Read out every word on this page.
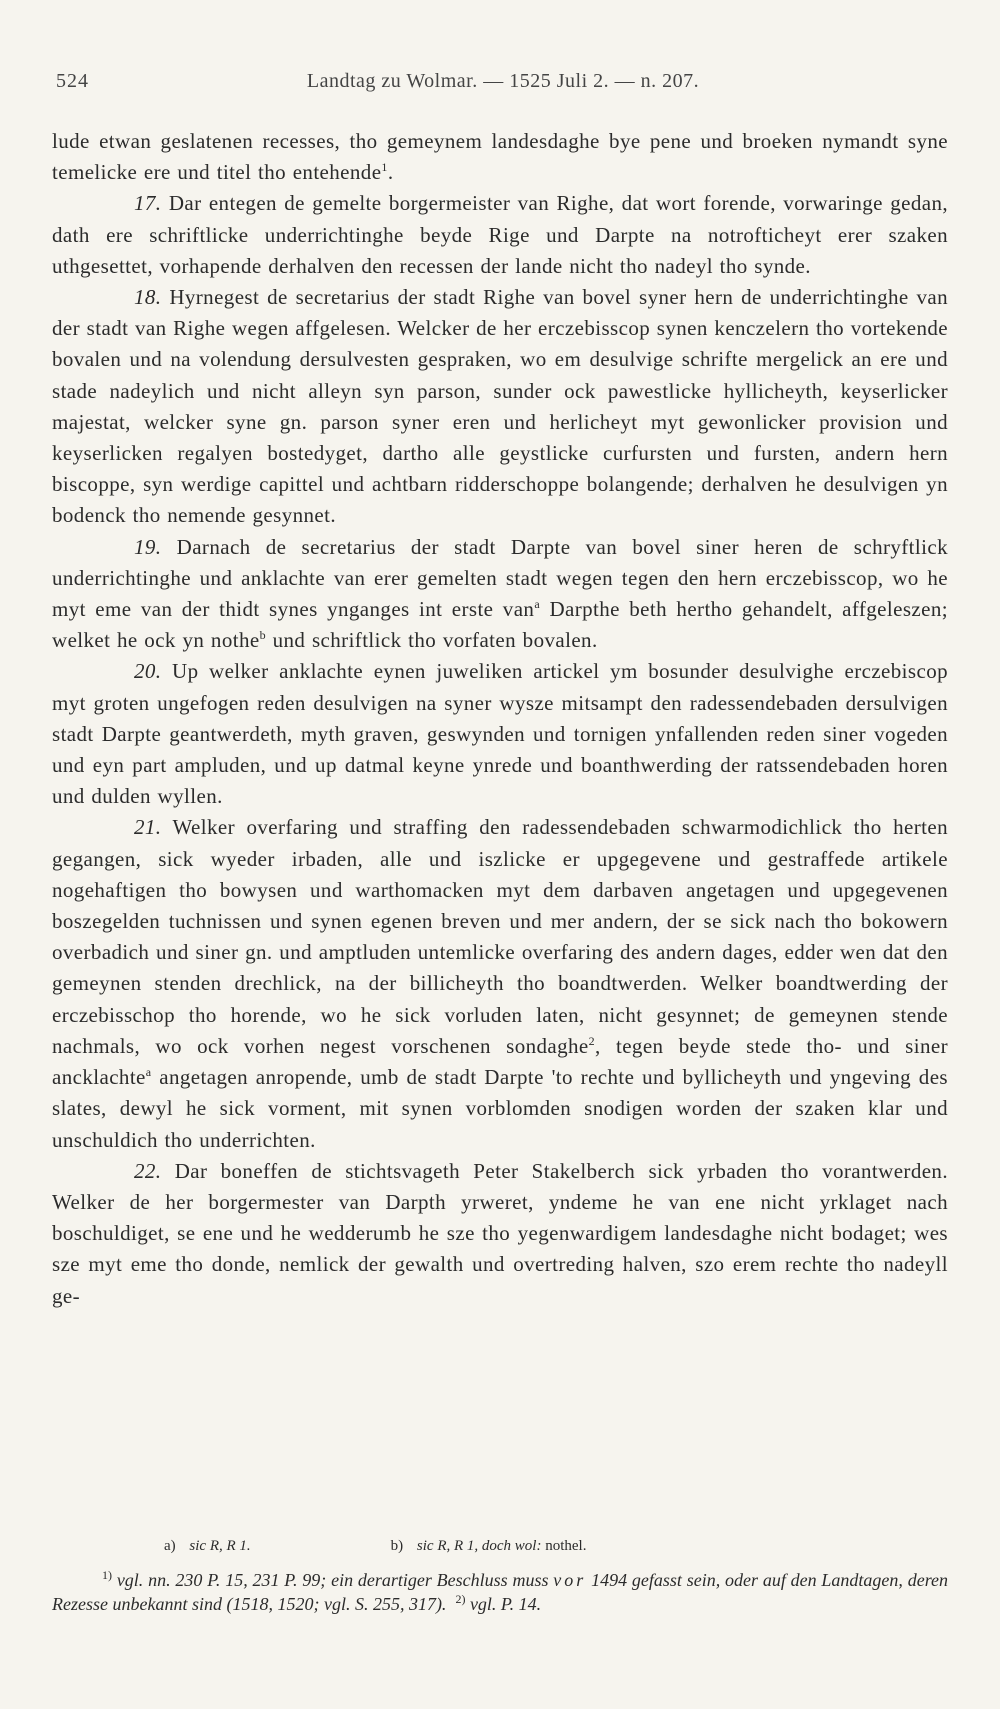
524	Landtag zu Wolmar. — 1525 Juli 2. — n. 207.

lude etwan geslatenen recesses, tho gemeynem landesdaghe bye pene und broeken nymandt syne temelicke ere und titel tho entehende$^1$.

17. Dar entegen de gemelte borgermeister van Righe, dat wort forende, vorwaringe gedan, dath ere schriftlicke underrichtinghe beyde Rige und Darpte na notrofticheyt erer szaken uthgesettet, vorhapende derhalven den recessen der lande nicht tho nadeyl tho synde.

18. Hyrnegest de secretarius der stadt Righe van bovel syner hern de underrichtinghe van der stadt van Righe wegen affgelesen. Welcker de her erczebisscop synen kenczelern tho vortekende bovalen und na volendung dersulvesten gespraken, wo em desulvige schrifte mergelick an ere und stade nadeylich und nicht alleyn syn parson, sunder ock pawestlicke hyllicheyth, keyserlicker majestat, welcker syne gn. parson syner eren und herlicheyt myt gewonlicker provision und keyserlicken regalyen bostedyget, dartho alle geystlicke curfursten und fursten, andern hern biscoppe, syn werdige capittel und achtbarn ridderschoppe bolangende; derhalven he desulvigen yn bodenck tho nemende gesynnet.

19. Darnach de secretarius der stadt Darpte van bovel siner heren de schryftlick underrichtinghe und anklachte van erer gemelten stadt wegen tegen den hern erczebisscop, wo he myt eme van der thidt synes ynganges int erste van$^a$ Darpthe beth hertho gehandelt, affgeleszen; welket he ock yn nothe$^b$ und schriftlick tho vorfaten bovalen.

20. Up welker anklachte eynen juweliken artickel ym bosunder desulvighe erczebiscop myt groten ungefogen reden desulvigen na syner wysze mitsampt den radessendebaden dersulvigen stadt Darpte geantwerdeth, myth graven, geswynden und tornigen ynfallenden reden siner vogeden und eyn part ampluden, und up datmal keyne ynrede und boanthwerding der ratssendebaden horen und dulden wyllen.

21. Welker overfaring und straffing den radessendebaden schwarmodichlick tho herten gegangen, sick wyeder irbaden, alle und iszlicke er upgegevene und gestraffede artikele nogehaftigen tho bowysen und warthomacken myt dem darbaven angetagen und upgegevenen boszegelden tuchnissen und synen egenen breven und mer andern, der se sick nach tho bokowern overbadich und siner gn. und amptluden untemlicke overfaring des andern dages, edder wen dat den gemeynen stenden drechlick, na der billicheyth tho boandtwerden. Welker boandtwerding der erczebisschop tho horende, wo he sick vorluden laten, nicht gesynnet; de gemeynen stende nachmals, wo ock vorhen negest vorschenen sondaghe$^2$, tegen beyde stede tho- und siner ancklachte$^a$ angetagen anropende, umb de stadt Darpte 'to rechte und byllicheyth und yngeving des slates, dewyl he sick vorment, mit synen vorblomden snodigen worden der szaken klar und unschuldich tho underrichten.

22. Dar boneffen de stichtsvageth Peter Stakelberch sick yrbaden tho vorantwerden. Welker de her borgermester van Darpth yrweret, yndeme he van ene nicht yrklaget nach boschuldiget, se ene und he wedderumb he sze tho yegenwardigem landesdaghe nicht bodaget; wes sze myt eme tho donde, nemlick der gewalth und overtreding halven, szo erem rechte tho nadeyll ge-

a) sic R, R 1.	b) sic R, R 1, doch wol: nothel.

$^{1)}$ vgl. nn. 230 P. 15, 231 P. 99; ein derartiger Beschluss muss vor 1494 gefasst sein, oder auf den Landtagen, deren Rezesse unbekannt sind (1518, 1520; vgl. S. 255, 317). $^{2)}$ vgl. P. 14.
